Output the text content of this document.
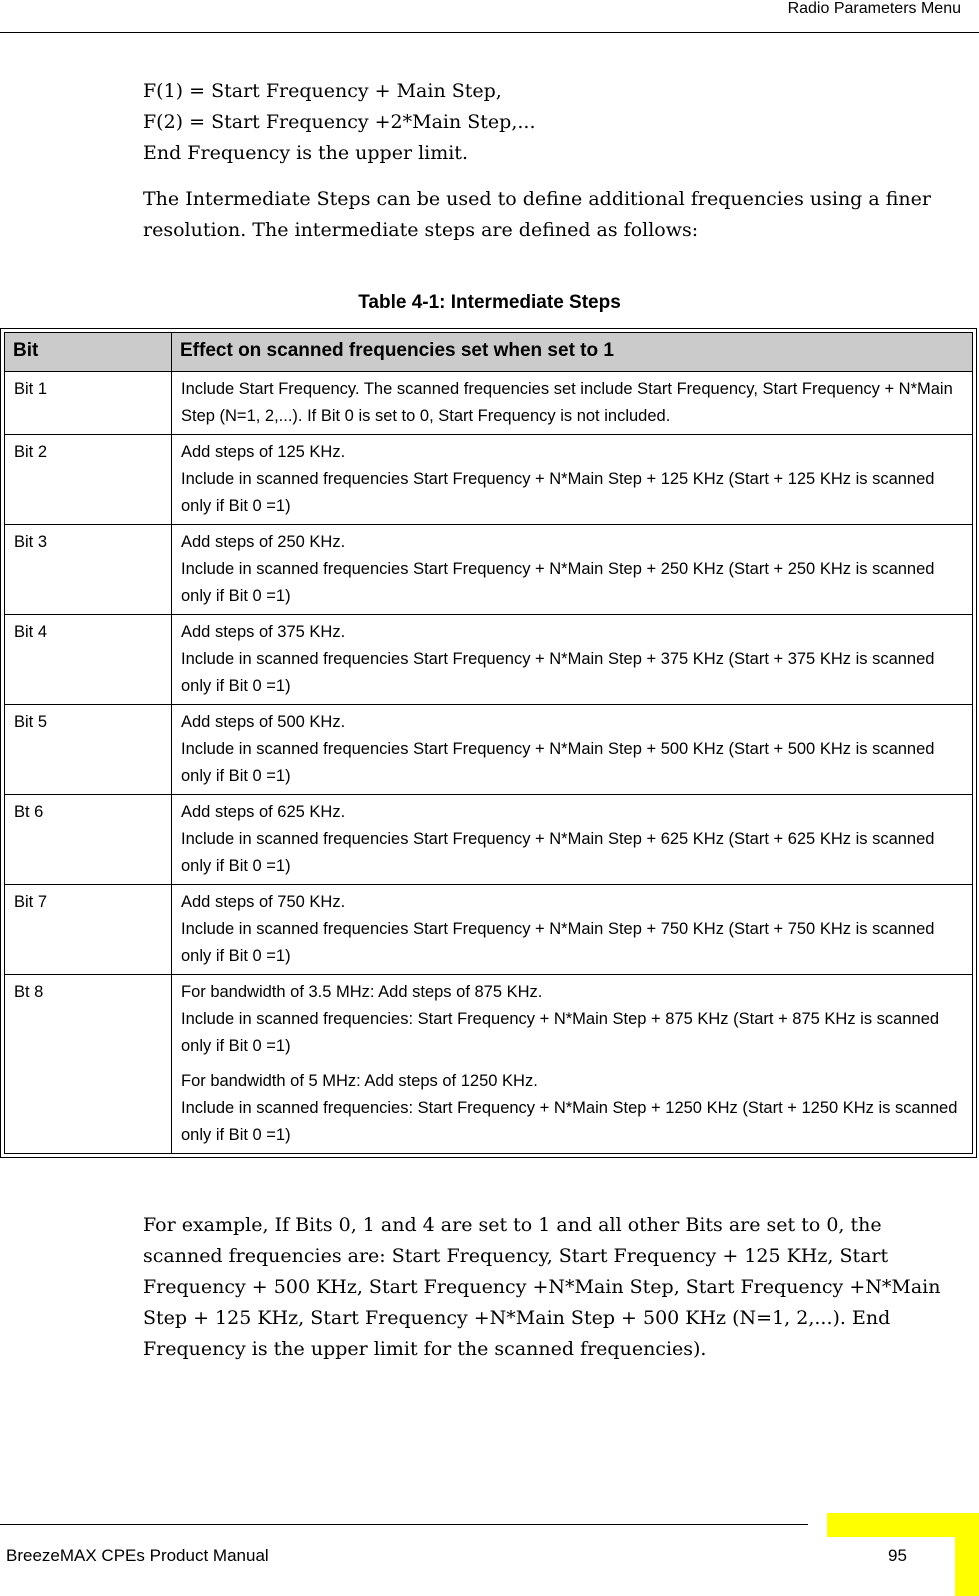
Radio Parameters Menu
F(1) = Start Frequency + Main Step,
F(2) = Start Frequency +2*Main Step,...
End Frequency is the upper limit.
The Intermediate Steps can be used to define additional frequencies using a finer resolution. The intermediate steps are defined as follows:
Table 4-1: Intermediate Steps
Bit	Effect on scanned frequencies set when set to 1
Bit 1	Include Start Frequency. The scanned frequencies set include Start Frequency, Start Frequency + N*Main Step (N=1, 2,...). If Bit 0 is set to 0, Start Frequency is not included.

Bit 2	Add steps of 125 KHz.
Include in scanned frequencies Start Frequency + N*Main Step + 125 KHz (Start + 125 KHz is scanned only if Bit 0 =1)

Bit 3	Add steps of 250 KHz.
Include in scanned frequencies Start Frequency + N*Main Step + 250 KHz (Start + 250 KHz is scanned only if Bit 0 =1)

Bit 4	Add steps of 375 KHz.
Include in scanned frequencies Start Frequency + N*Main Step + 375 KHz (Start + 375 KHz is scanned only if Bit 0 =1)

Bit 5	Add steps of 500 KHz.
Include in scanned frequencies Start Frequency + N*Main Step + 500 KHz (Start + 500 KHz is scanned only if Bit 0 =1)

Bt 6	Add steps of 625 KHz.
Include in scanned frequencies Start Frequency + N*Main Step + 625 KHz (Start + 625 KHz is scanned only if Bit 0 =1)

Bit 7	Add steps of 750 KHz.
Include in scanned frequencies Start Frequency + N*Main Step + 750 KHz (Start + 750 KHz is scanned only if Bit 0 =1)

Bt 8	For bandwidth of 3.5 MHz: Add steps of 875 KHz.
Include in scanned frequencies: Start Frequency + N*Main Step + 875 KHz (Start + 875 KHz is scanned only if Bit 0 =1)
For bandwidth of 5 MHz: Add steps of 1250 KHz.
Include in scanned frequencies: Start Frequency + N*Main Step + 1250 KHz (Start + 1250 KHz is scanned only if Bit 0 =1)
For example, If Bits 0, 1 and 4 are set to 1 and all other Bits are set to 0, the scanned frequencies are: Start Frequency, Start Frequency + 125 KHz, Start Frequency + 500 KHz, Start Frequency +N*Main Step, Start Frequency +N*Main Step + 125 KHz, Start Frequency +N*Main Step + 500 KHz (N=1, 2,...). End Frequency is the upper limit for the scanned frequencies).
BreezeMAX CPEs Product Manual	95
